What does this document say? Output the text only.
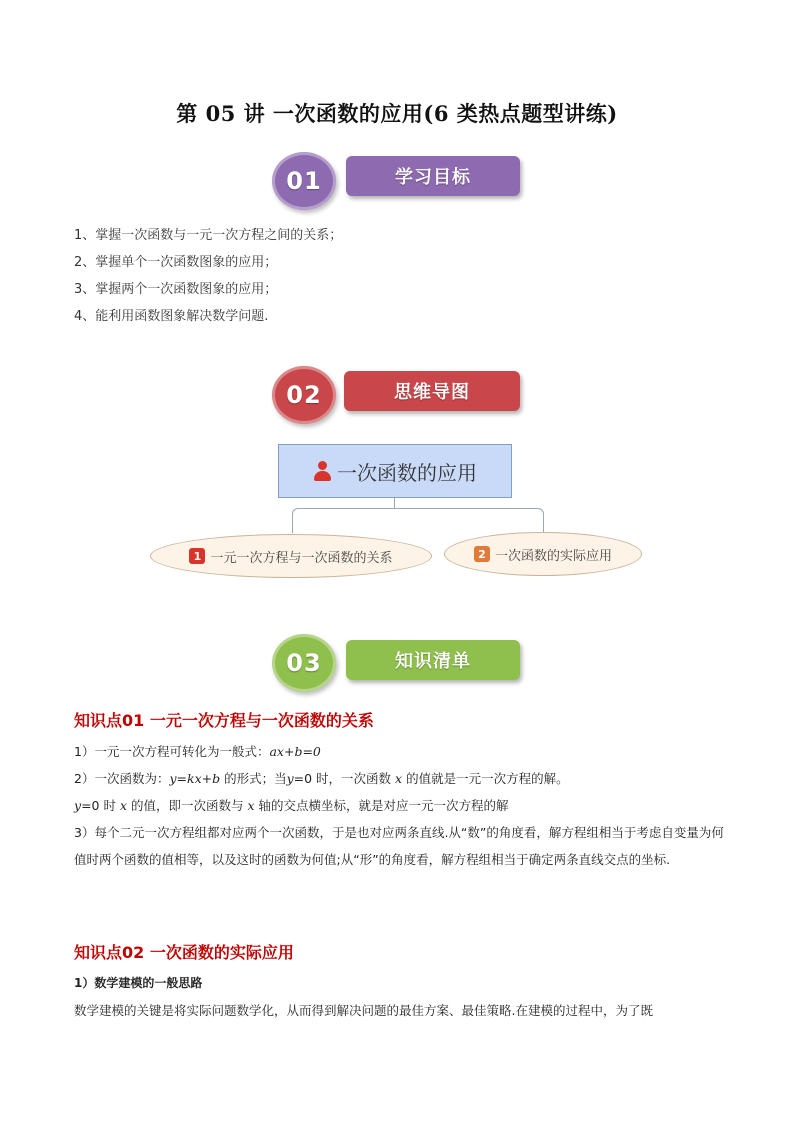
第 05 讲 一次函数的应用(6 类热点题型讲练)
01	学习目标
1、掌握一次函数与一元一次方程之间的关系；
2、掌握单个一次函数图象的应用；
3、掌握两个一次函数图象的应用；
4、能利用函数图象解决数学问题.
02	思维导图
一次函数的应用
1 一元一次方程与一次函数的关系	2 一次函数的实际应用
03	知识清单
知识点01 一元一次方程与一次函数的关系
1）一元一次方程可转化为一般式：ax+b=0
2）一次函数为：y=kx+b 的形式；当y=0 时，一次函数 x 的值就是一元一次方程的解。
y=0 时 x 的值，即一次函数与 x 轴的交点横坐标，就是对应一元一次方程的解
3）每个二元一次方程组都对应两个一次函数，于是也对应两条直线.从“数”的角度看，解方程组相当于考虑自变量为何值时两个函数的值相等，以及这时的函数为何值;从“形”的角度看，解方程组相当于确定两条直线交点的坐标.
知识点02 一次函数的实际应用
1）数学建模的一般思路
数学建模的关键是将实际问题数学化，从而得到解决问题的最佳方案、最佳策略.在建模的过程中，为了既
